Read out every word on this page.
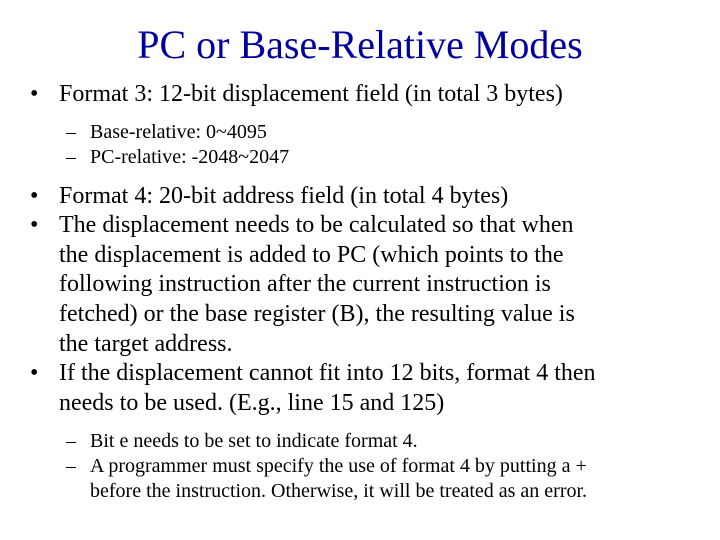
PC or Base-Relative Modes
• Format 3: 12-bit displacement field (in total 3 bytes)
– Base-relative: 0~4095
– PC-relative: -2048~2047
• Format 4: 20-bit address field (in total 4 bytes)
• The displacement needs to be calculated so that when
the displacement is added to PC (which points to the
following instruction after the current instruction is
fetched) or the base register (B), the resulting value is
the target address.
• If the displacement cannot fit into 12 bits, format 4 then
needs to be used. (E.g., line 15 and 125)
– Bit e needs to be set to indicate format 4.
– A programmer must specify the use of format 4 by putting a +
before the instruction. Otherwise, it will be treated as an error.
